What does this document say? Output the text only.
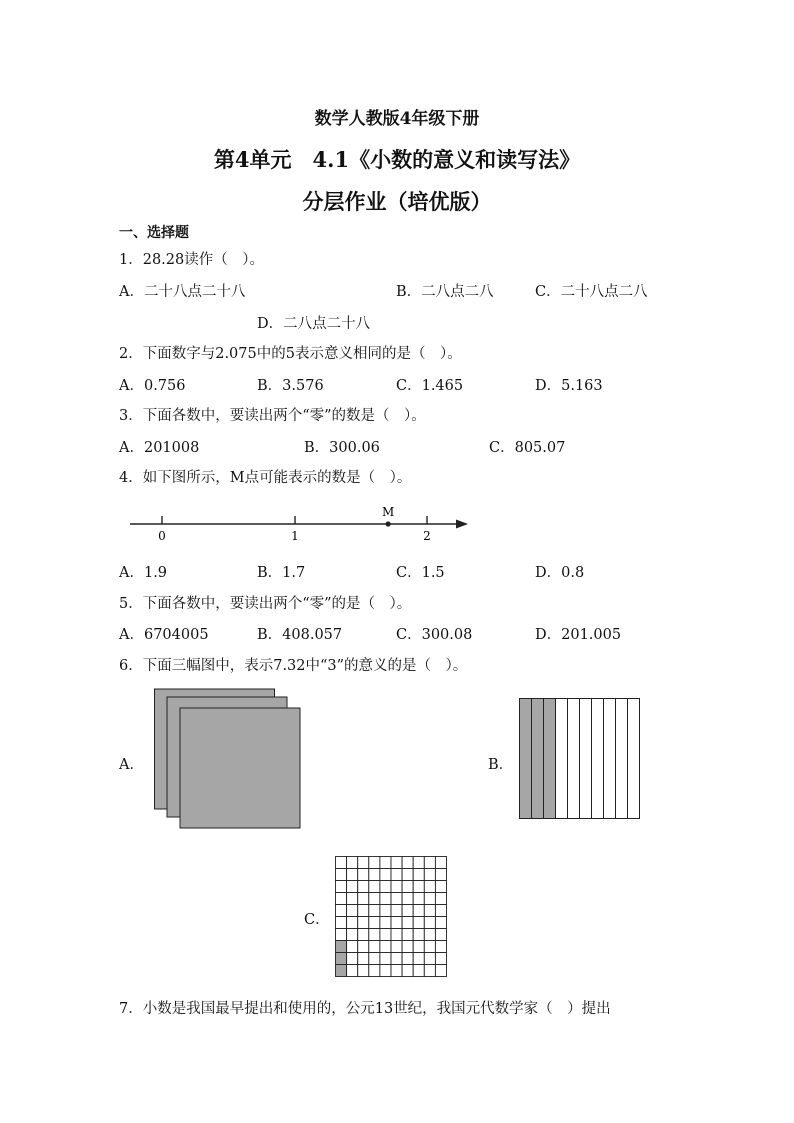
数学人教版4年级下册
第4单元　4.1《小数的意义和读写法》
分层作业（培优版）
一、选择题
1．28.28读作（　）。
A．二十八点二十八	B．二八点二八	C．二十八点二八
D．二八点二十八
2．下面数字与2.075中的5表示意义相同的是（　）。
A．0.756	B．3.576	C．1.465	D．5.163
3．下面各数中，要读出两个“零”的数是（　）。
A．201008	B．300.06	C．805.07
4．如下图所示，M点可能表示的数是（　）。
0	1	2
M
A．1.9	B．1.7	C．1.5	D．0.8
5．下面各数中，要读出两个“零”的是（　）。
A．6704005	B．408.057	C．300.08	D．201.005
6．下面三幅图中，表示7.32中“3”的意义的是（　）。
A．	B．
C．
7．小数是我国最早提出和使用的，公元13世纪，我国元代数学家（　）提出
